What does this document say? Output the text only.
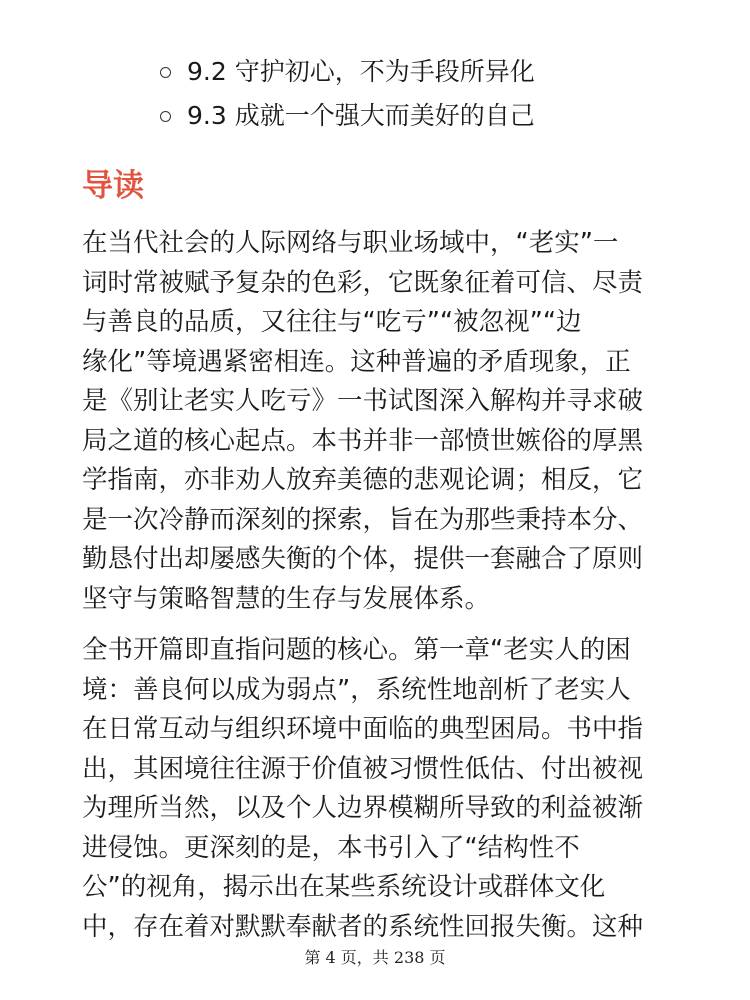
9.2 守护初心，不为手段所异化
9.3 成就一个强大而美好的自己
导读

在当代社会的人际网络与职业场域中，“老实”一
词时常被赋予复杂的色彩，它既象征着可信、尽责
与善良的品质，又往往与“吃亏”“被忽视”“边
缘化”等境遇紧密相连。这种普遍的矛盾现象，正
是《别让老实人吃亏》一书试图深入解构并寻求破
局之道的核心起点。本书并非一部愤世嫉俗的厚黑
学指南，亦非劝人放弃美德的悲观论调；相反，它
是一次冷静而深刻的探索，旨在为那些秉持本分、
勤恳付出却屡感失衡的个体，提供一套融合了原则
坚守与策略智慧的生存与发展体系。

全书开篇即直指问题的核心。第一章“老实人的困
境：善良何以成为弱点”，系统性地剖析了老实人
在日常互动与组织环境中面临的典型困局。书中指
出，其困境往往源于价值被习惯性低估、付出被视
为理所当然，以及个人边界模糊所导致的利益被渐
进侵蚀。更深刻的是，本书引入了“结构性不
公”的视角，揭示出在某些系统设计或群体文化
中，存在着对默默奉献者的系统性回报失衡。这种

第 4 页，共 238 页
